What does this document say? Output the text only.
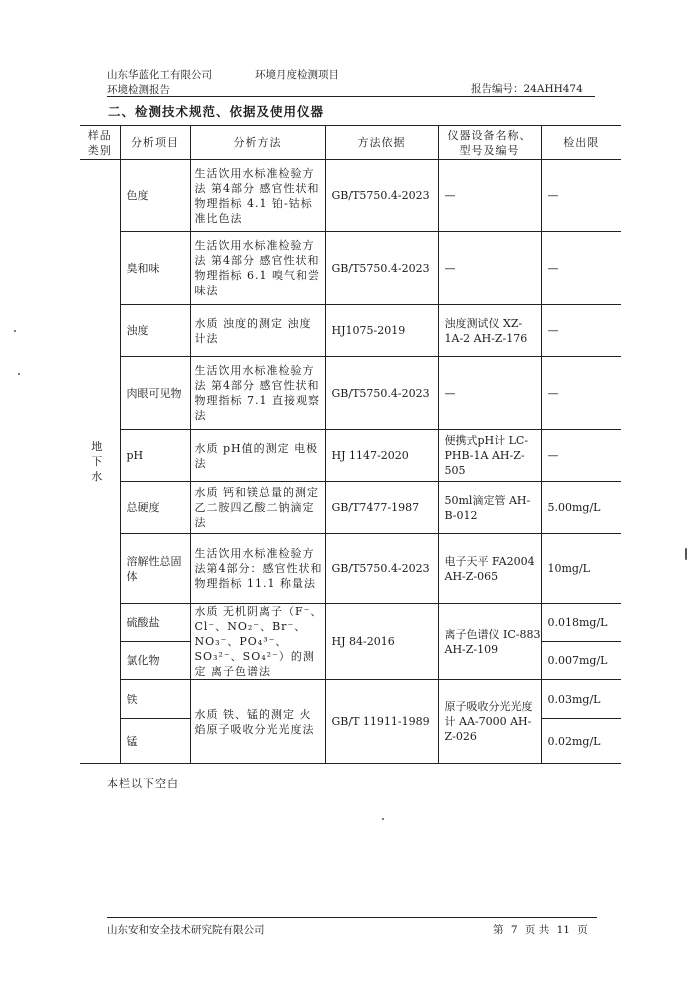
山东华蓝化工有限公司	环境月度检测项目
环境检测报告	报告编号：24AHH474
二、检测技术规范、依据及使用仪器
样品类别	分析项目	分析方法	方法依据	仪器设备名称、型号及编号	检出限
地下水	色度	生活饮用水标准检验方法 第4部分 感官性状和物理指标 4.1 铂-钴标准比色法	GB/T5750.4-2023	—	—
	臭和味	生活饮用水标准检验方法 第4部分 感官性状和物理指标 6.1 嗅气和尝味法	GB/T5750.4-2023	—	—
	浊度	水质 浊度的测定 浊度计法	HJ1075-2019	浊度测试仪 XZ-1A-2 AH-Z-176	—
	肉眼可见物	生活饮用水标准检验方法 第4部分 感官性状和物理指标 7.1 直接观察法	GB/T5750.4-2023	—	—
	pH	水质 pH值的测定 电极法	HJ 1147-2020	便携式pH计 LC-PHB-1A AH-Z-505	—
	总硬度	水质 钙和镁总量的测定 乙二胺四乙酸二钠滴定法	GB/T7477-1987	50ml滴定管 AH-B-012	5.00mg/L
	溶解性总固体	生活饮用水标准检验方法第4部分：感官性状和物理指标 11.1 称量法	GB/T5750.4-2023	电子天平 FA2004 AH-Z-065	10mg/L
	硫酸盐	水质 无机阴离子（F⁻、Cl⁻、NO₂⁻、Br⁻、NO₃⁻、PO₄³⁻、SO₃²⁻、SO₄²⁻）的测定 离子色谱法	HJ 84-2016	离子色谱仪 IC-883 AH-Z-109	0.018mg/L
	氯化物				0.007mg/L
	铁	水质 铁、锰的测定 火焰原子吸收分光光度法	GB/T 11911-1989	原子吸收分光光度计 AA-7000 AH-Z-026	0.03mg/L
	锰				0.02mg/L
本栏以下空白
山东安和安全技术研究院有限公司	第 7 页 共 11 页
